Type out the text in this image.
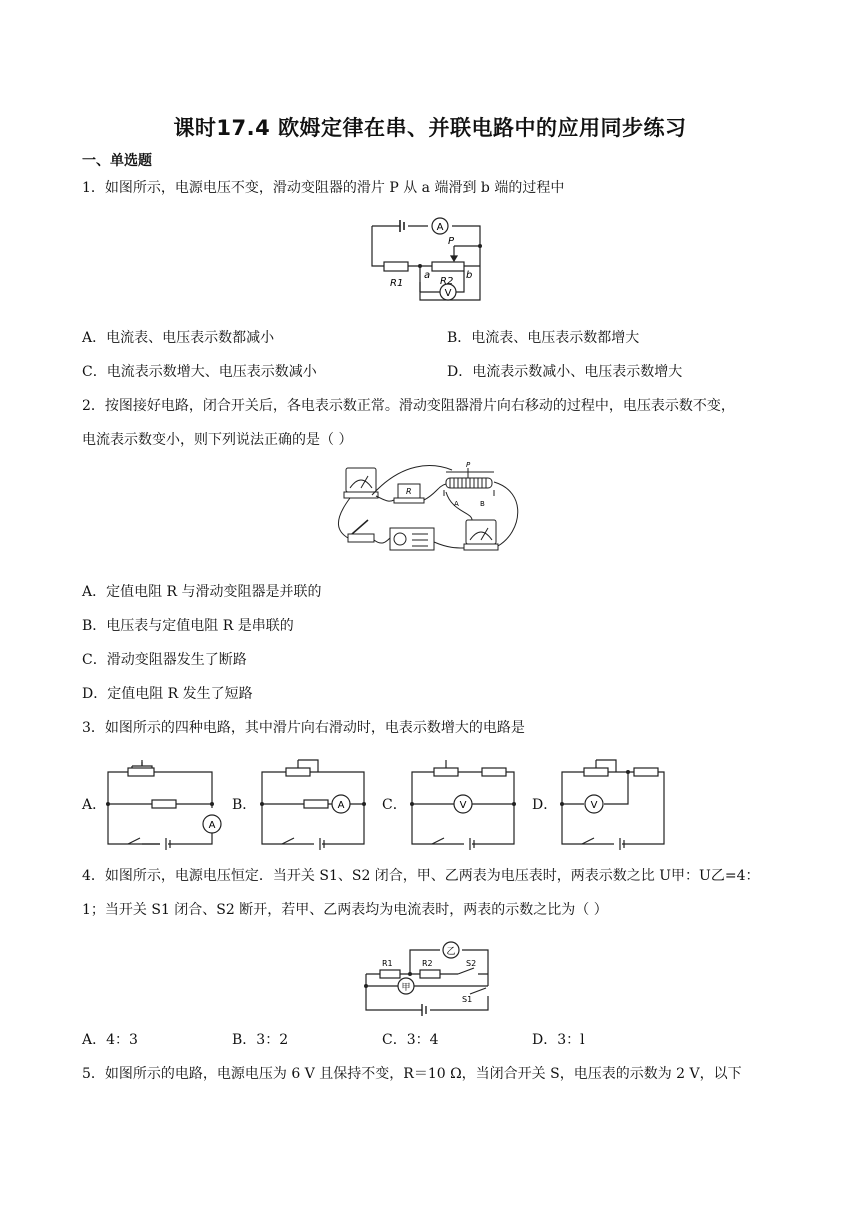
课时17.4 欧姆定律在串、并联电路中的应用同步练习
一、单选题
1．如图所示，电源电压不变，滑动变阻器的滑片 P 从 a 端滑到 b 端的过程中
A
V
P
a	b
R1	R2
A．电流表、电压表示数都减小	B．电流表、电压表示数都增大
C．电流表示数增大、电压表示数减小	D．电流表示数减小、电压表示数增大
2．按图接好电路，闭合开关后，各电表示数正常。滑动变阻器滑片向右移动的过程中，电压表示数不变，
电流表示数变小，则下列说法正确的是（ ）
R
P
A	B
A．定值电阻 R 与滑动变阻器是并联的
B．电压表与定值电阻 R 是串联的
C．滑动变阻器发生了断路
D．定值电阻 R 发生了短路
3．如图所示的四种电路，其中滑片向右滑动时，电表示数增大的电路是
A．
A
B．	A	C．	V	D．	V
4．如图所示，电源电压恒定．当开关 S1、S2 闭合，甲、乙两表为电压表时，两表示数之比 U甲：U乙=4：
1；当开关 S1 闭合、S2 断开，若甲、乙两表均为电流表时，两表的示数之比为（ ）
乙
甲
R1	R2	S2
S1
A．4：3	B．3：2	C．3：4	D．3：l
5．如图所示的电路，电源电压为 6 V 且保持不变，R＝10 Ω，当闭合开关 S，电压表的示数为 2 V，以下
